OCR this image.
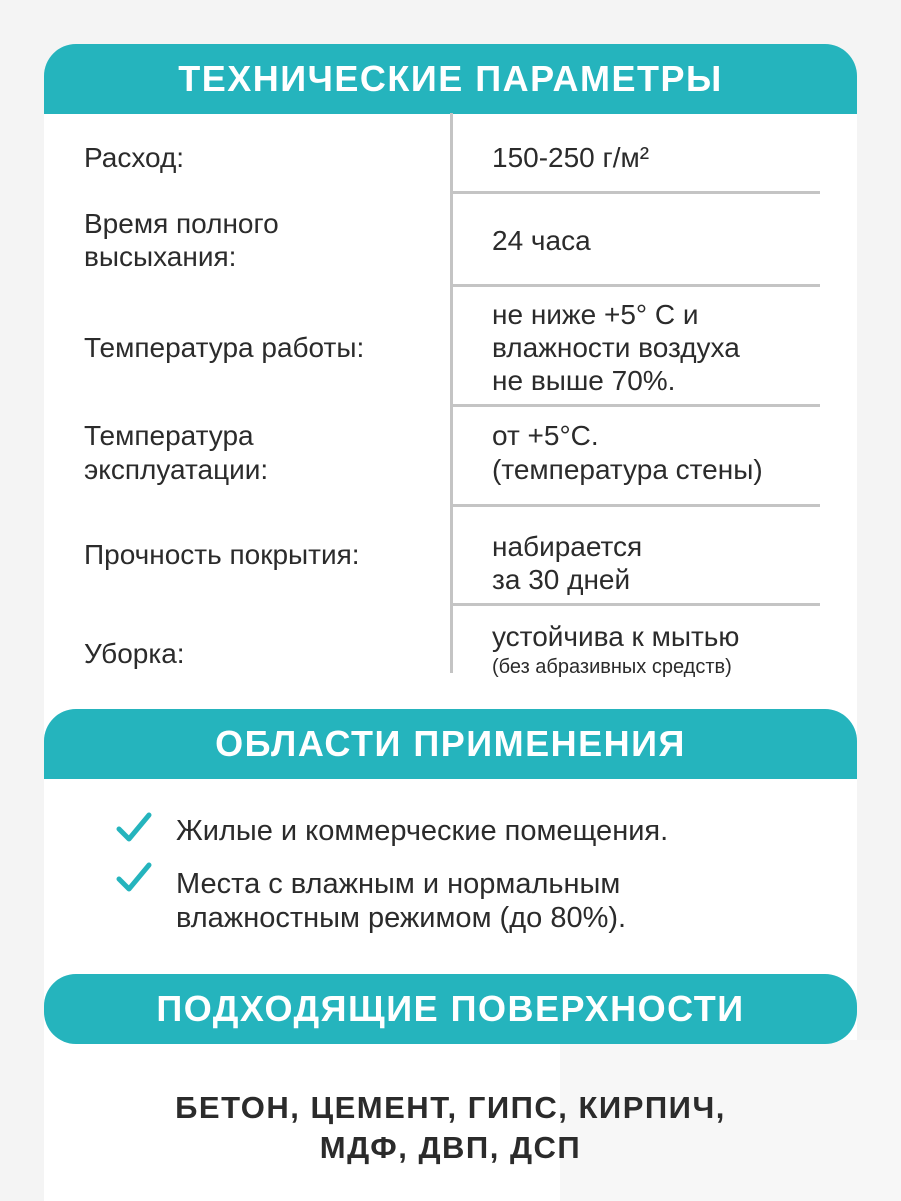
ТЕХНИЧЕСКИЕ ПАРАМЕТРЫ
Расход:	150-250 г/м²
Время полного
высыхания:
24 часа
Температура работы:
не ниже +5° С и
влажности воздуха
не выше 70%.
Температура
эксплуатации:
от +5°С.
(температура стены)
Прочность покрытия:	набирается
за 30 дней
Уборка:
устойчива к мытью
(без абразивных средств)
ОБЛАСТИ ПРИМЕНЕНИЯ
Жилые и коммерческие помещения.
Места с влажным и нормальным
влажностным режимом (до 80%).
ПОДХОДЯЩИЕ ПОВЕРХНОСТИ
БЕТОН, ЦЕМЕНТ, ГИПС, КИРПИЧ,
МДФ, ДВП, ДСП
